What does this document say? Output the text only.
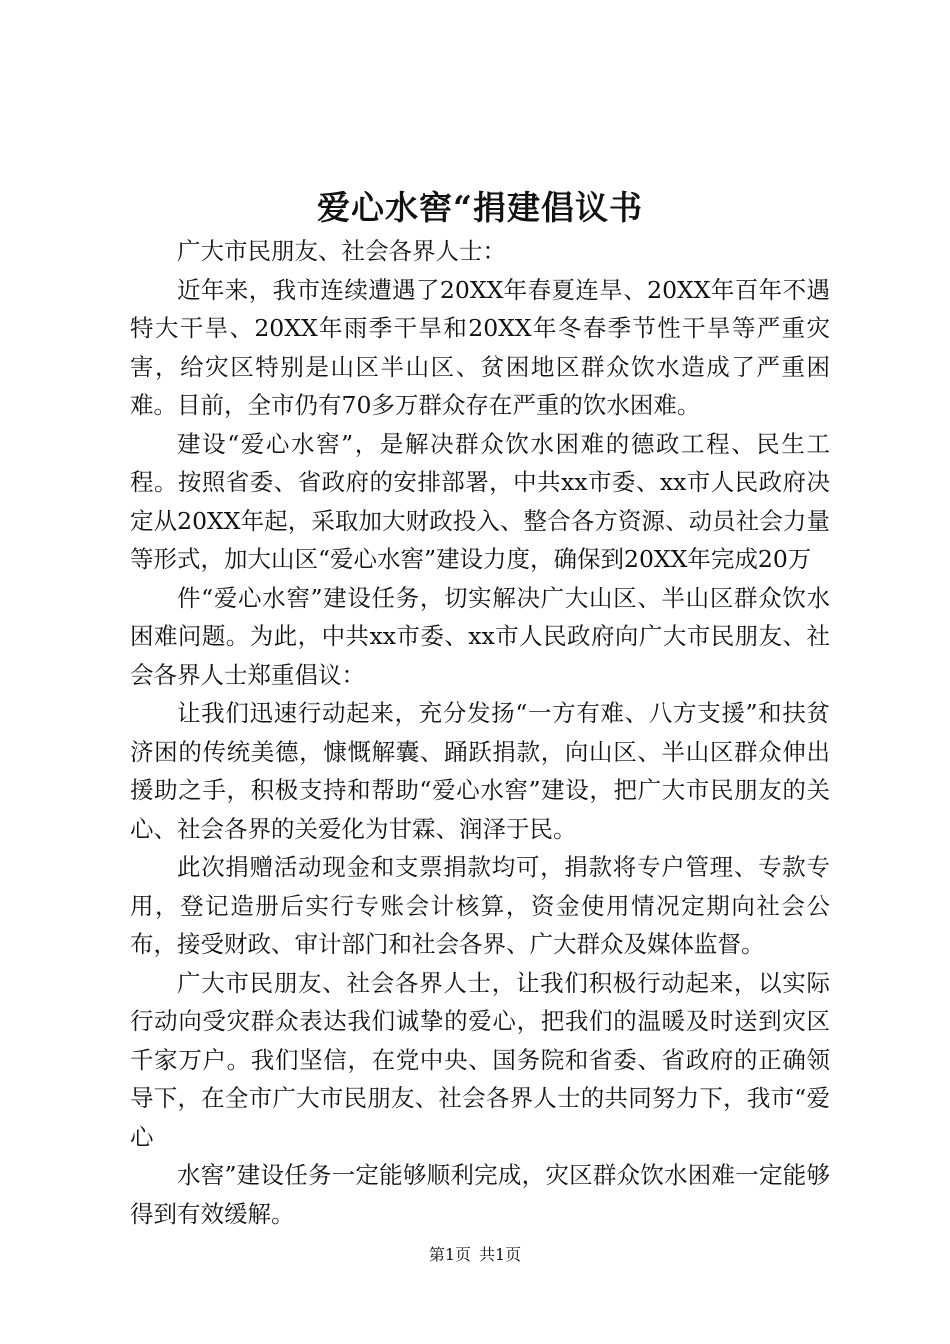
爱心水窖“捐建倡议书

广大市民朋友、社会各界人士：

近年来，我市连续遭遇了20XX年春夏连旱、20XX年百年不遇特大干旱、20XX年雨季干旱和20XX年冬春季节性干旱等严重灾害，给灾区特别是山区半山区、贫困地区群众饮水造成了严重困难。目前，全市仍有70多万群众存在严重的饮水困难。

建设“爱心水窖”，是解决群众饮水困难的德政工程、民生工程。按照省委、省政府的安排部署，中共xx市委、xx市人民政府决定从20XX年起，采取加大财政投入、整合各方资源、动员社会力量等形式，加大山区“爱心水窖”建设力度，确保到20XX年完成20万

件“爱心水窖”建设任务，切实解决广大山区、半山区群众饮水困难问题。为此，中共xx市委、xx市人民政府向广大市民朋友、社会各界人士郑重倡议：

让我们迅速行动起来，充分发扬“一方有难、八方支援”和扶贫济困的传统美德，慷慨解囊、踊跃捐款，向山区、半山区群众伸出援助之手，积极支持和帮助“爱心水窖”建设，把广大市民朋友的关心、社会各界的关爱化为甘霖、润泽于民。

此次捐赠活动现金和支票捐款均可，捐款将专户管理、专款专用，登记造册后实行专账会计核算，资金使用情况定期向社会公布，接受财政、审计部门和社会各界、广大群众及媒体监督。

广大市民朋友、社会各界人士，让我们积极行动起来，以实际行动向受灾群众表达我们诚挚的爱心，把我们的温暖及时送到灾区千家万户。我们坚信，在党中央、国务院和省委、省政府的正确领导下，在全市广大市民朋友、社会各界人士的共同努力下，我市“爱心

水窖”建设任务一定能够顺利完成，灾区群众饮水困难一定能够得到有效缓解。

第1页 共1页
